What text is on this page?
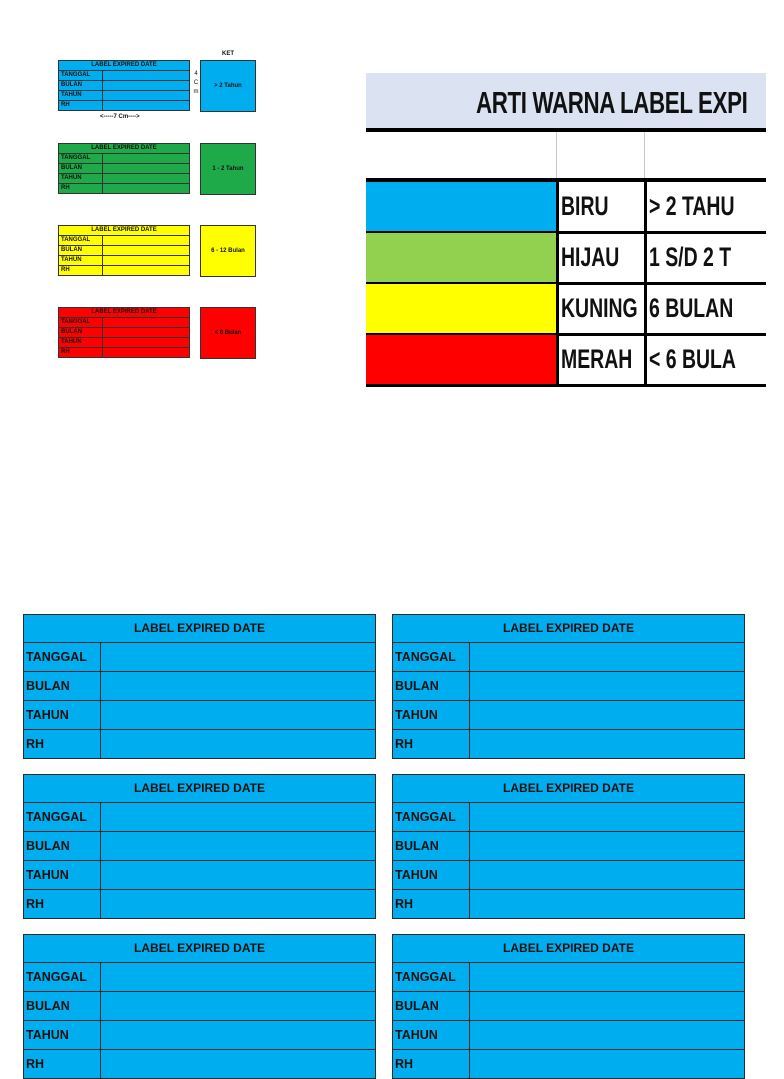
KET
LABEL EXPIRED DATE
TANGGAL
BULAN
TAHUN
RH
> 2 Tahun
LABEL EXPIRED DATE
TANGGAL
BULAN
TAHUN
RH
1 - 2 Tahun
LABEL EXPIRED DATE
TANGGAL
BULAN
TAHUN
RH
6 - 12 Bulan
LABEL EXPIRED DATE
TANGGAL
BULAN
TAHUN
RH
< 6 Bulan
4
C
m
<-----7 Cm---->	ARTI WARNA LABEL EXPI
BIRU	> 2 TAHU
HIJAU	1 S/D 2 T
KUNING 6 BULAN
MERAH < 6 BULA
LABEL EXPIRED DATE
TANGGAL
BULAN
TAHUN
RH
LABEL EXPIRED DATE
TANGGAL
BULAN
TAHUN
RH
LABEL EXPIRED DATE
TANGGAL
BULAN
TAHUN
RH
LABEL EXPIRED DATE
TANGGAL
BULAN
TAHUN
RH
LABEL EXPIRED DATE
TANGGAL
BULAN
TAHUN
RH
LABEL EXPIRED DATE
TANGGAL
BULAN
TAHUN
RH
